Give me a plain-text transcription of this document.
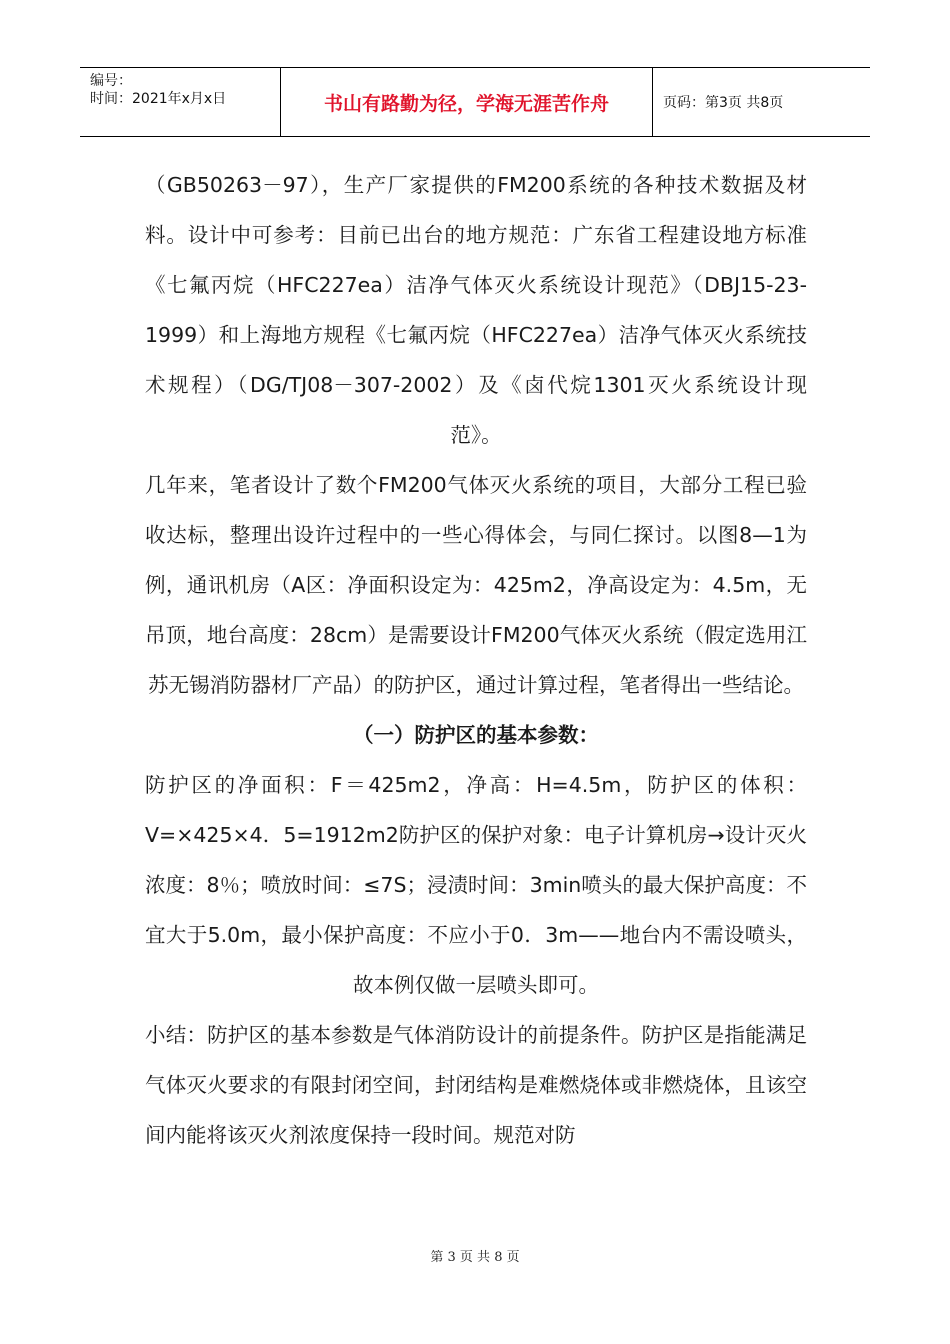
编号：
时间：2021年x月x日	书山有路勤为径，学海无涯苦作舟	页码：第3页 共8页

（GB50263－97），生产厂家提供的FM200系统的各种技术数据及材料。设计中可参考：目前已出台的地方规范：广东省工程建设地方标准《七氟丙烷（HFC227ea）洁净气体灭火系统设计现范》（DBJ15-23-1999）和上海地方规程《七氟丙烷（HFC227ea）洁净气体灭火系统技术规程）（DG/TJ08－307-2002）及《卤代烷1301灭火系统设计现范》。

几年来，笔者设计了数个FM200气体灭火系统的项目，大部分工程已验收达标，整理出设许过程中的一些心得体会，与同仁探讨。以图8—1为例，通讯机房（A区：净面积设定为：425m2，净高设定为：4.5m，无吊顶，地台高度：28cm）是需要设计FM200气体灭火系统（假定选用江苏无锡消防器材厂产品）的防护区，通过计算过程，笔者得出一些结论。

（一）防护区的基本参数：

防护区的净面积：F＝425m2，净高：H=4.5m，防护区的体积：V=×425×4．5=1912m2防护区的保护对象：电子计算机房→设计灭火浓度：8％；喷放时间：≤7S；浸渍时间：3min喷头的最大保护高度：不宜大于5.0m，最小保护高度：不应小于0．3m——地台内不需设喷头，故本例仅做一层喷头即可。

小结：防护区的基本参数是气体消防设计的前提条件。防护区是指能满足气体灭火要求的有限封闭空间，封闭结构是难燃烧体或非燃烧体，且该空间内能将该灭火剂浓度保持一段时间。规范对防

第 3 页 共 8 页
